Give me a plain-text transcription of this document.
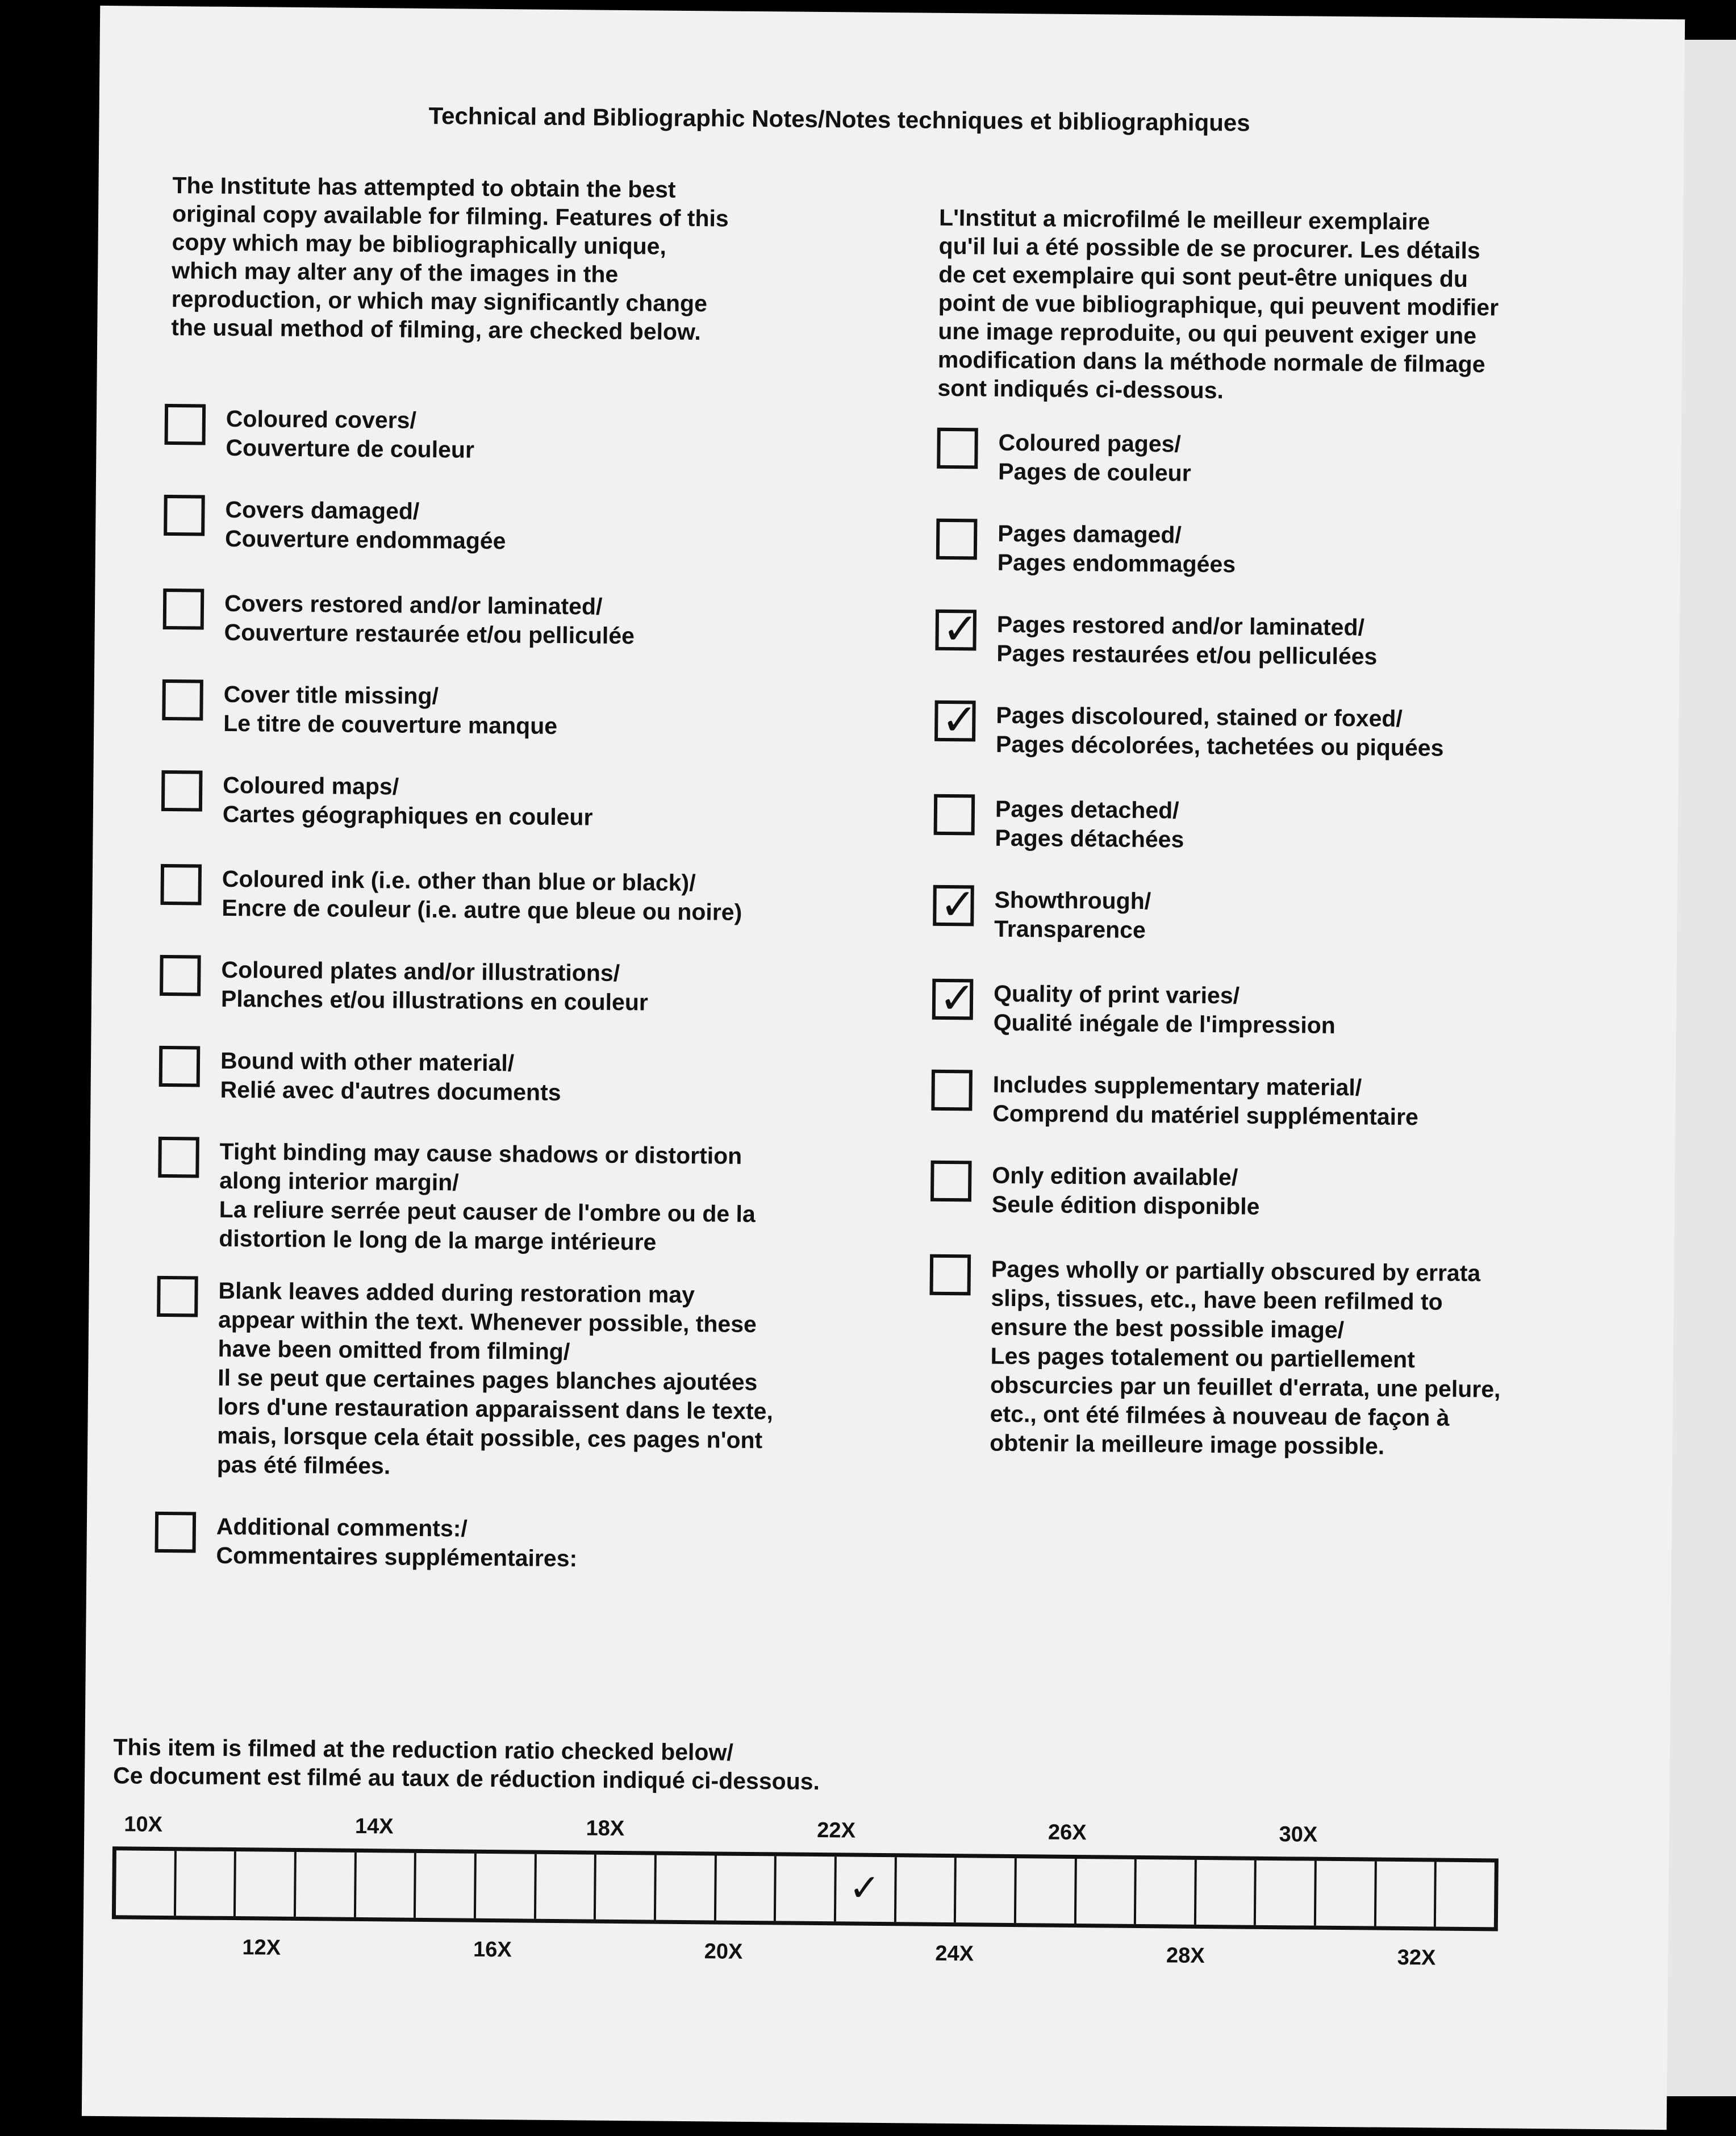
Technical and Bibliographic Notes/Notes techniques et bibliographiques
The Institute has attempted to obtain the best
original copy available for filming. Features of this
copy which may be bibliographically unique,
which may alter any of the images in the
reproduction, or which may significantly change
the usual method of filming, are checked below.
L'Institut a microfilmé le meilleur exemplaire
qu'il lui a été possible de se procurer. Les détails
de cet exemplaire qui sont peut-être uniques du
point de vue bibliographique, qui peuvent modifier
une image reproduite, ou qui peuvent exiger une
modification dans la méthode normale de filmage
sont indiqués ci-dessous.
Coloured covers/
Couverture de couleur
Covers damaged/
Couverture endommagée
Covers restored and/or laminated/
Couverture restaurée et/ou pelliculée
Cover title missing/
Le titre de couverture manque
Coloured maps/
Cartes géographiques en couleur
Coloured ink (i.e. other than blue or black)/
Encre de couleur (i.e. autre que bleue ou noire)
Coloured plates and/or illustrations/
Planches et/ou illustrations en couleur
Bound with other material/
Relié avec d'autres documents
Tight binding may cause shadows or distortion
along interior margin/
La reliure serrée peut causer de l'ombre ou de la
distortion le long de la marge intérieure
Blank leaves added during restoration may
appear within the text. Whenever possible, these
have been omitted from filming/
Il se peut que certaines pages blanches ajoutées
lors d'une restauration apparaissent dans le texte,
mais, lorsque cela était possible, ces pages n'ont
pas été filmées.
Additional comments:/
Commentaires supplémentaires:
Coloured pages/
Pages de couleur
Pages damaged/
Pages endommagées
✓ Pages restored and/or laminated/
Pages restaurées et/ou pelliculées
✓ Pages discoloured, stained or foxed/
Pages décolorées, tachetées ou piquées
Pages detached/
Pages détachées
✓ Showthrough/
Transparence
✓ Quality of print varies/
Qualité inégale de l'impression
Includes supplementary material/
Comprend du matériel supplémentaire
Only edition available/
Seule édition disponible
Pages wholly or partially obscured by errata
slips, tissues, etc., have been refilmed to
ensure the best possible image/
Les pages totalement ou partiellement
obscurcies par un feuillet d'errata, une pelure,
etc., ont été filmées à nouveau de façon à
obtenir la meilleure image possible.
This item is filmed at the reduction ratio checked below/
Ce document est filmé au taux de réduction indiqué ci-dessous.
10X	14X	18X	22X	26X	30X
12X	16X	20X	24X	28X	32X
✓
